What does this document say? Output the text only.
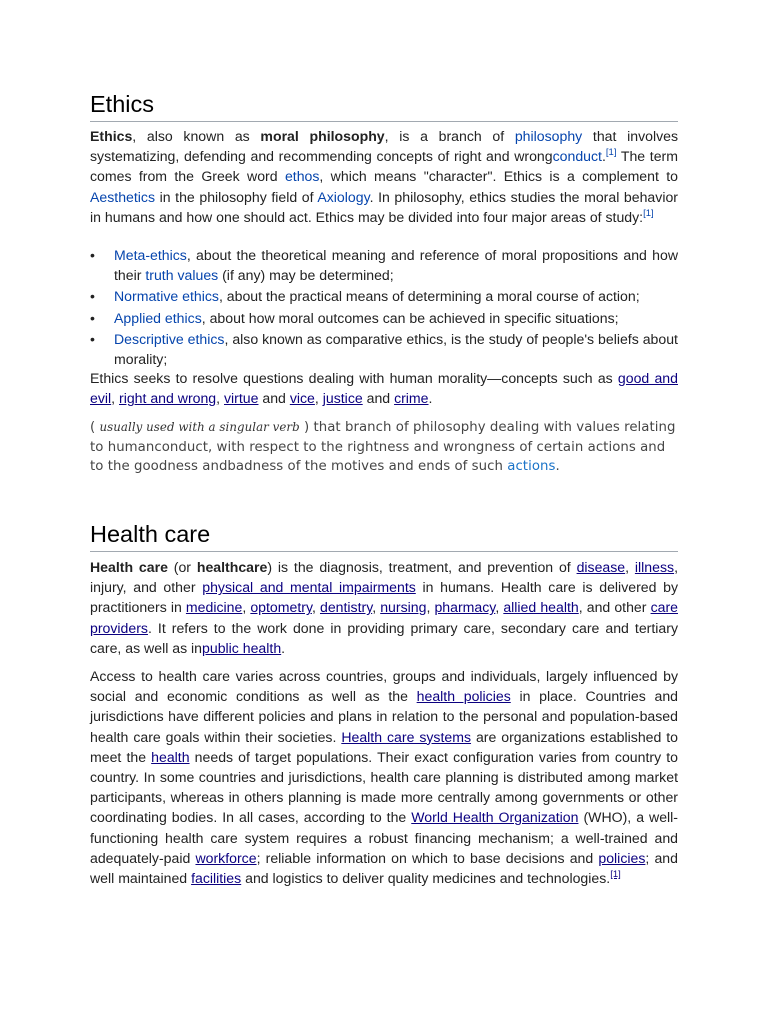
Ethics

Ethics, also known as moral philosophy, is a branch of philosophy that involves systematizing, defending and recommending concepts of right and wrongconduct.[1] The term comes from the Greek word ethos, which means "character". Ethics is a complement to Aesthetics in the philosophy field of Axiology. In philosophy, ethics studies the moral behavior in humans and how one should act. Ethics may be divided into four major areas of study:[1]

• Meta-ethics, about the theoretical meaning and reference of moral propositions and how their truth values (if any) may be determined;
• Normative ethics, about the practical means of determining a moral course of action;
• Applied ethics, about how moral outcomes can be achieved in specific situations;
• Descriptive ethics, also known as comparative ethics, is the study of people's beliefs about morality;

Ethics seeks to resolve questions dealing with human morality—concepts such as good and evil, right and wrong, virtue and vice, justice and crime.

( usually used with a singular verb ) that branch of philosophy dealing with values relating to humanconduct, with respect to the rightness and wrongness of certain actions and to the goodness andbadness of the motives and ends of such actions.

Health care

Health care (or healthcare) is the diagnosis, treatment, and prevention of disease, illness, injury, and other physical and mental impairments in humans. Health care is delivered by practitioners in medicine, optometry, dentistry, nursing, pharmacy, allied health, and other care providers. It refers to the work done in providing primary care, secondary care and tertiary care, as well as inpublic health.

Access to health care varies across countries, groups and individuals, largely influenced by social and economic conditions as well as the health policies in place. Countries and jurisdictions have different policies and plans in relation to the personal and population-based health care goals within their societies. Health care systems are organizations established to meet the health needs of target populations. Their exact configuration varies from country to country. In some countries and jurisdictions, health care planning is distributed among market participants, whereas in others planning is made more centrally among governments or other coordinating bodies. In all cases, according to the World Health Organization (WHO), a well-functioning health care system requires a robust financing mechanism; a well-trained and adequately-paid workforce; reliable information on which to base decisions and policies; and well maintained facilities and logistics to deliver quality medicines and technologies.[1]
